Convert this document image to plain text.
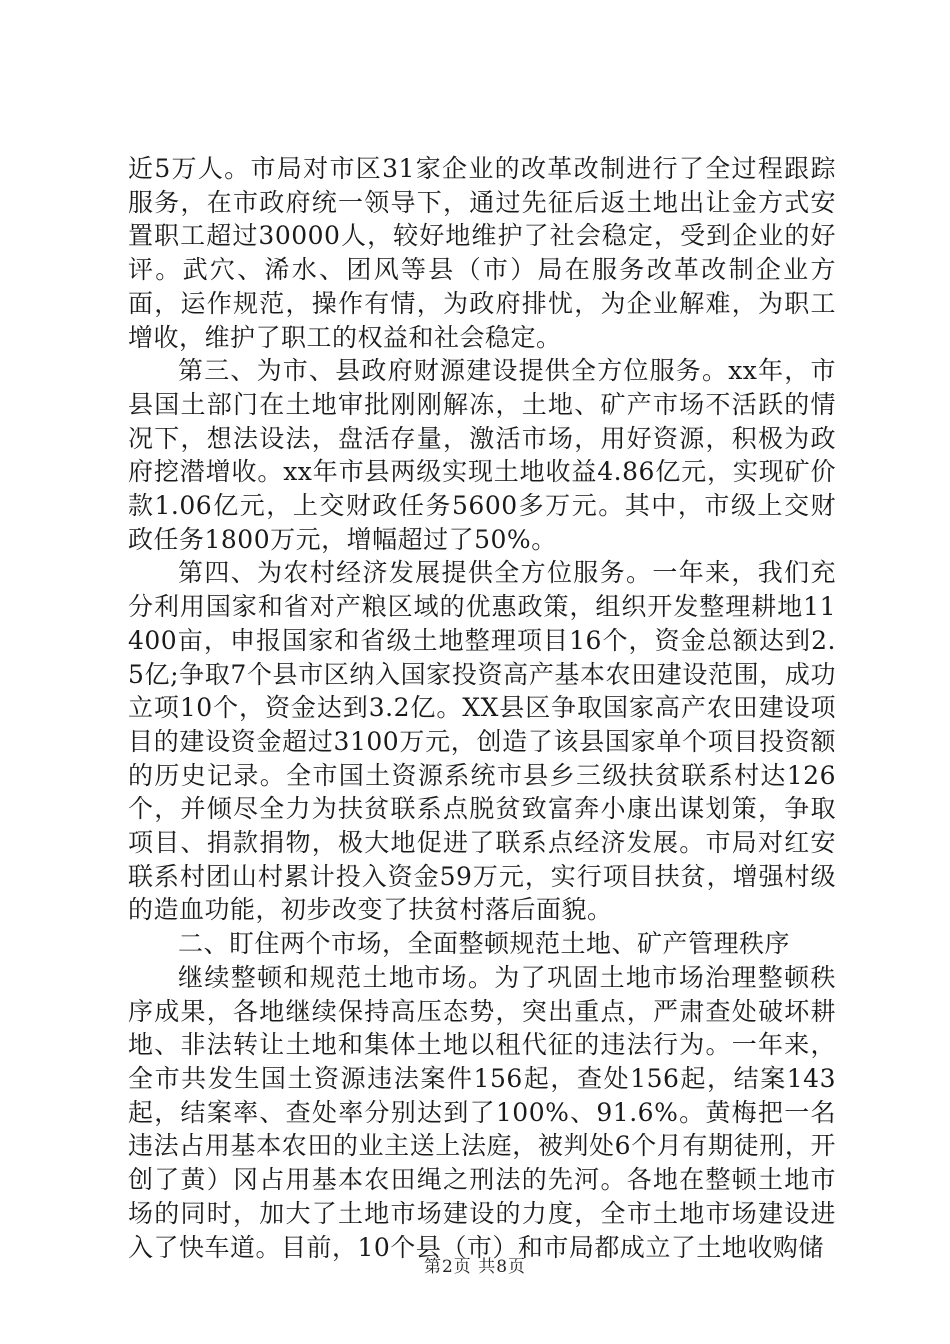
近5万人。市局对市区31家企业的改革改制进行了全过程跟踪服务，在市政府统一领导下，通过先征后返土地出让金方式安置职工超过30000人，较好地维护了社会稳定，受到企业的好评。武穴、浠水、团风等县（市）局在服务改革改制企业方面，运作规范，操作有情，为政府排忧，为企业解难，为职工增收，维护了职工的权益和社会稳定。

第三、为市、县政府财源建设提供全方位服务。xx年，市县国土部门在土地审批刚刚解冻，土地、矿产市场不活跃的情况下，想法设法，盘活存量，激活市场，用好资源，积极为政府挖潜增收。xx年市县两级实现土地收益4.86亿元，实现矿价款1.06亿元，上交财政任务5600多万元。其中，市级上交财政任务1800万元，增幅超过了50%。

第四、为农村经济发展提供全方位服务。一年来，我们充分利用国家和省对产粮区域的优惠政策，组织开发整理耕地11400亩，申报国家和省级土地整理项目16个，资金总额达到2.5亿;争取7个县市区纳入国家投资高产基本农田建设范围，成功立项10个，资金达到3.2亿。XX县区争取国家高产农田建设项目的建设资金超过3100万元，创造了该县国家单个项目投资额的历史记录。全市国土资源系统市县乡三级扶贫联系村达126个，并倾尽全力为扶贫联系点脱贫致富奔小康出谋划策，争取项目、捐款捐物，极大地促进了联系点经济发展。市局对红安联系村团山村累计投入资金59万元，实行项目扶贫，增强村级的造血功能，初步改变了扶贫村落后面貌。

二、盯住两个市场，全面整顿规范土地、矿产管理秩序

继续整顿和规范土地市场。为了巩固土地市场治理整顿秩序成果，各地继续保持高压态势，突出重点，严肃查处破坏耕地、非法转让土地和集体土地以租代征的违法行为。一年来，全市共发生国土资源违法案件156起，查处156起，结案143起，结案率、查处率分别达到了100%、91.6%。黄梅把一名违法占用基本农田的业主送上法庭，被判处6个月有期徒刑，开创了黄）冈占用基本农田绳之刑法的先河。各地在整顿土地市场的同时，加大了土地市场建设的力度，全市土地市场建设进入了快车道。目前，10个县（市）和市局都成立了土地收购储

第2页 共8页
